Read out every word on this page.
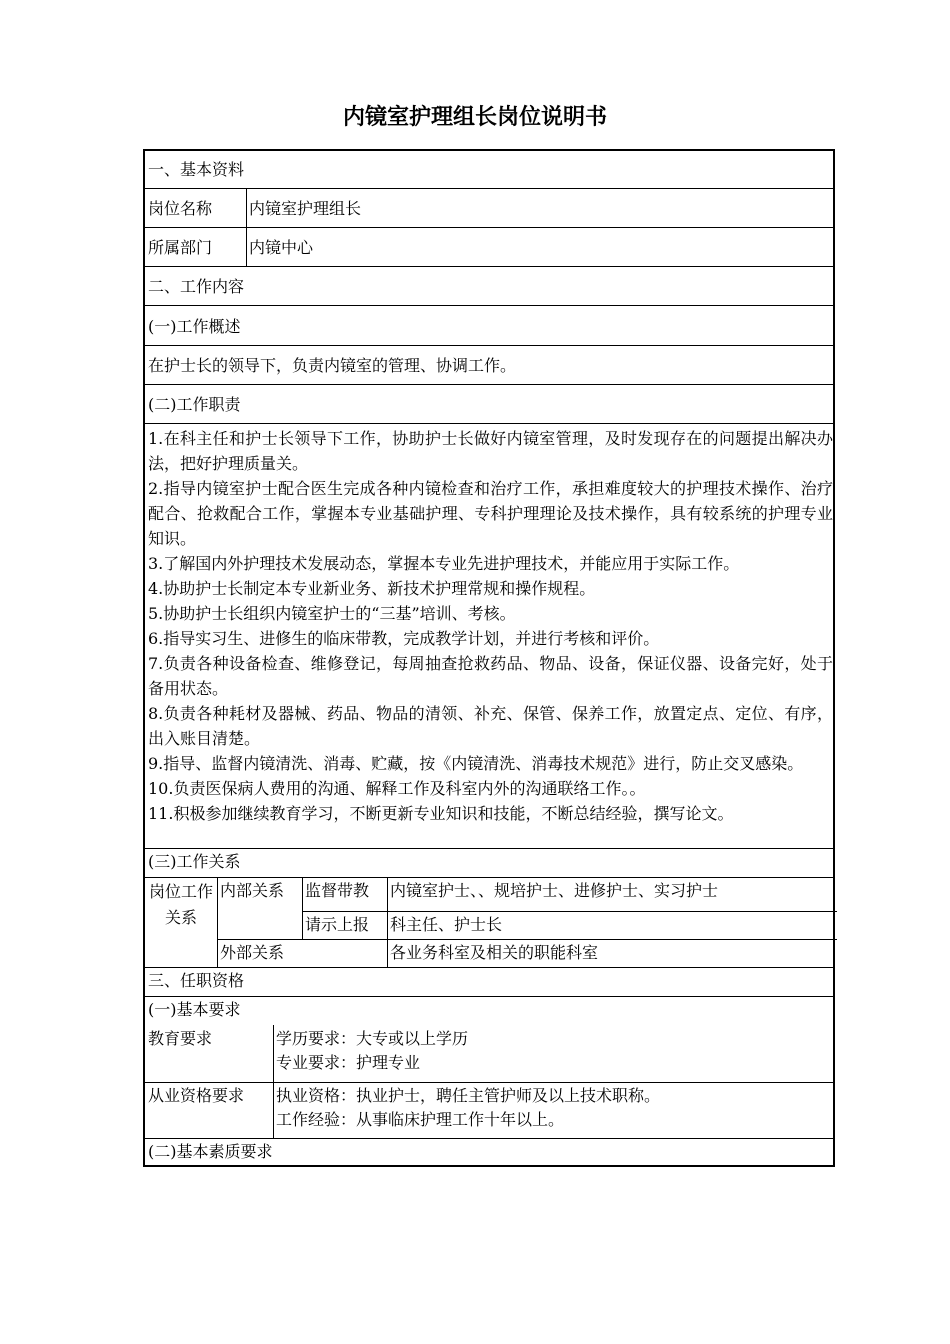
内镜室护理组长岗位说明书
一、基本资料
岗位名称 内镜室护理组长
所属部门 内镜中心
二、工作内容
(一)工作概述
在护士长的领导下，负责内镜室的管理、协调工作。
(二)工作职责
1.在科主任和护士长领导下工作，协助护士长做好内镜室管理，及时发现存在的问题提出解决办法，把好护理质量关。
2.指导内镜室护士配合医生完成各种内镜检查和治疗工作，承担难度较大的护理技术操作、治疗配合、抢救配合工作，掌握本专业基础护理、专科护理理论及技术操作，具有较系统的护理专业知识。
3.了解国内外护理技术发展动态，掌握本专业先进护理技术，并能应用于实际工作。
4.协助护士长制定本专业新业务、新技术护理常规和操作规程。
5.协助护士长组织内镜室护士的“三基”培训、考核。
6.指导实习生、进修生的临床带教，完成教学计划，并进行考核和评价。
7.负责各种设备检查、维修登记，每周抽查抢救药品、物品、设备，保证仪器、设备完好，处于备用状态。
8.负责各种耗材及器械、药品、物品的清领、补充、保管、保养工作，放置定点、定位、有序，出入账目清楚。
9.指导、监督内镜清洗、消毒、贮藏，按《内镜清洗、消毒技术规范》进行，防止交叉感染。
10.负责医保病人费用的沟通、解释工作及科室内外的沟通联络工作。。
11.积极参加继续教育学习，不断更新专业知识和技能，不断总结经验，撰写论文。
(三)工作关系
岗位工作关系
内部关系 监督带教 内镜室护士、、规培护士、进修护士、实习护士
请示上报 科主任、护士长
外部关系	各业务科室及相关的职能科室
三、任职资格
(一)基本要求
教育要求	学历要求：大专或以上学历
专业要求：护理专业
从业资格要求 执业资格：执业护士，聘任主管护师及以上技术职称。
工作经验：从事临床护理工作十年以上。
(二)基本素质要求
